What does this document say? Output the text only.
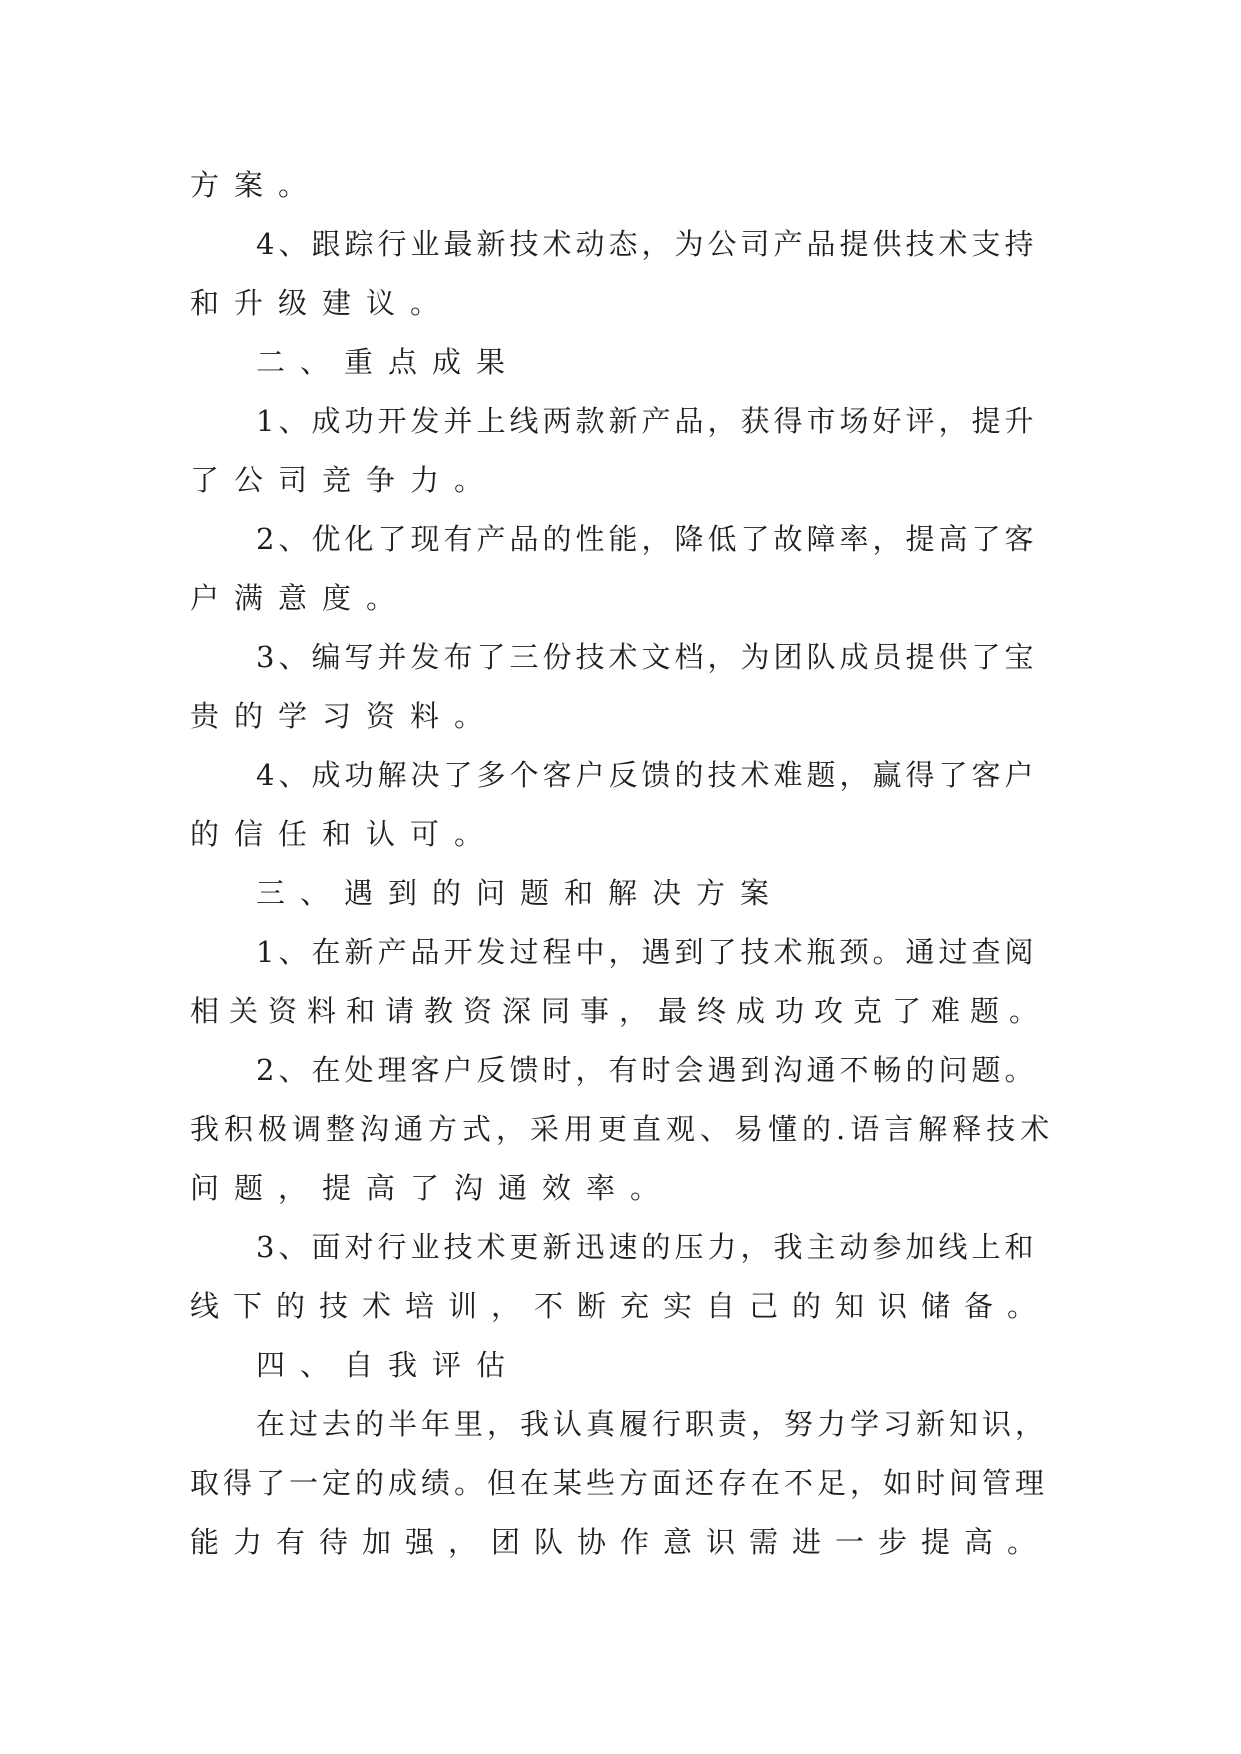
方案。
4、跟踪行业最新技术动态，为公司产品提供技术支持
和升级建议。
二、重点成果
1、成功开发并上线两款新产品，获得市场好评，提升
了公司竞争力。
2、优化了现有产品的性能，降低了故障率，提高了客
户满意度。
3、编写并发布了三份技术文档，为团队成员提供了宝
贵的学习资料。
4、成功解决了多个客户反馈的技术难题，赢得了客户
的信任和认可。
三、遇到的问题和解决方案
1、在新产品开发过程中，遇到了技术瓶颈。通过查阅
相关资料和请教资深同事，最终成功攻克了难题。
2、在处理客户反馈时，有时会遇到沟通不畅的问题。
我积极调整沟通方式，采用更直观、易懂的.语言解释技术
问题，提高了沟通效率。
3、面对行业技术更新迅速的压力，我主动参加线上和
线下的技术培训，不断充实自己的知识储备。
四、自我评估
在过去的半年里，我认真履行职责，努力学习新知识，
取得了一定的成绩。但在某些方面还存在不足，如时间管理
能力有待加强，团队协作意识需进一步提高。
